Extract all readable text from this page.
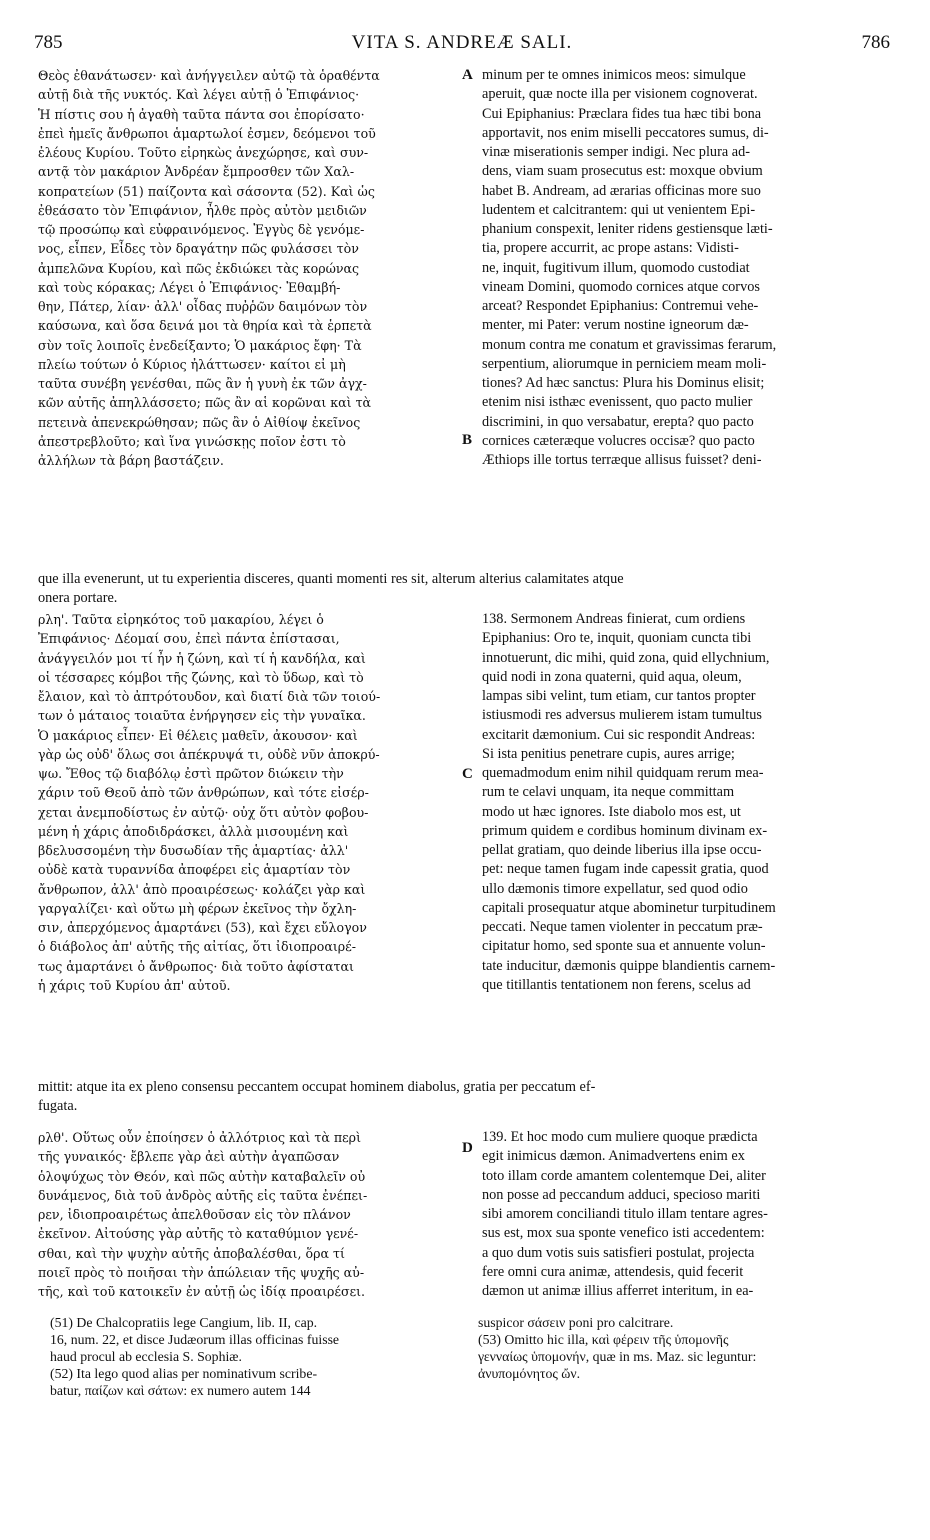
785	VITA S. ANDREÆ SALI.	786
Θεὸς ἐθανάτωσεν· καὶ ἀνήγγειλεν αὐτῷ τὰ ὁραθέντα
αὐτῇ διὰ τῆς νυκτός. Καὶ λέγει αὐτῇ ὁ Ἐπιφάνιος·
Ἡ πίστις σου ἡ ἀγαθὴ ταῦτα πάντα σοι ἐπορίσατο·
ἐπεὶ ἡμεῖς ἄνθρωποι ἁμαρτωλοί ἐσμεν, δεόμενοι τοῦ
ἐλέους Κυρίου. Τοῦτο εἰρηκὼς ἀνεχώρησε, καὶ συν-
αντᾷ τὸν μακάριον Ἀνδρέαν ἔμπροσθεν τῶν Χαλ-
κοπρατείων (51) παίζοντα καὶ σάσοντα (52). Καὶ ὡς
ἐθεάσατο τὸν Ἐπιφάνιον, ἦλθε πρὸς αὐτὸν μειδιῶν
τῷ προσώπῳ καὶ εὐφραινόμενος. Ἐγγὺς δὲ γενόμε-
νος, εἶπεν, Εἶδες τὸν δραγάτην πῶς φυλάσσει τὸν
ἀμπελῶνα Κυρίου, καὶ πῶς ἐκδιώκει τὰς κορώνας
καὶ τοὺς κόρακας; Λέγει ὁ Ἐπιφάνιος· Ἐθαμβή-
θην, Πάτερ, λίαν· ἀλλ' οἶδας πυῤῥῶν δαιμόνων τὸν
καύσωνα, καὶ ὅσα δεινά μοι τὰ θηρία καὶ τὰ ἑρπετὰ
σὺν τοῖς λοιποῖς ἐνεδείξαντο; Ὁ μακάριος ἔφη· Τὰ
πλείω τούτων ὁ Κύριος ἠλάττωσεν· καίτοι εἰ μὴ
ταῦτα συνέβη γενέσθαι, πῶς ἂν ἡ γυνὴ ἐκ τῶν ἀγχ-
κῶν αὐτῆς ἀπηλλάσσετο; πῶς ἂν αἱ κορῶναι καὶ τὰ
πετεινὰ ἀπενεκρώθησαν; πῶς ἂν ὁ Αἰθίοψ ἐκεῖνος
ἀπεστρεβλοῦτο; καὶ ἵνα γινώσκῃς ποῖον ἐστι τὸ
ἀλλήλων τὰ βάρη βαστάζειν.
minum per te omnes inimicos meos: simulque
aperuit, quæ nocte illa per visionem cognoverat.
Cui Epiphanius: Præclara fides tua hæc tibi bona
apportavit, nos enim miselli peccatores sumus, di-
vinæ miserationis semper indigi. Nec plura ad-
dens, viam suam prosecutus est: moxque obvium
habet B. Andream, ad ærarias officinas more suo
ludentem et calcitrantem: qui ut venientem Epi-
phanium conspexit, leniter ridens gestiensque læti-
tia, propere accurrit, ac prope astans: Vidisti-
ne, inquit, fugitivum illum, quomodo custodiat
vineam Domini, quomodo cornices atque corvos
arceat? Respondet Epiphanius: Contremui vehe-
menter, mi Pater: verum nostine igneorum dæ-
monum contra me conatum et gravissimas ferarum,
serpentium, aliorumque in perniciem meam moli-
tiones? Ad hæc sanctus: Plura his Dominus elisit;
etenim nisi isthæc evenissent, quo pacto mulier
discrimini, in quo versabatur, erepta? quo pacto
cornices cæteræque volucres occisæ? quo pacto
Æthiops ille tortus terræque allisus fuisset? deni-
que illa evenerunt, ut tu experientia disceres, quanti momenti res sit, alterum alterius calamitates atque
onera portare.
ρλη'. Ταῦτα εἰρηκότος τοῦ μακαρίου, λέγει ὁ
Ἐπιφάνιος· Δέομαί σου, ἐπεὶ πάντα ἐπίστασαι,
ἀνάγγειλόν μοι τί ἦν ἡ ζώνη, καὶ τί ἡ κανδήλα, καὶ
οἱ τέσσαρες κόμβοι τῆς ζώνης, καὶ τὸ ὕδωρ, καὶ τὸ
ἔλαιον, καὶ τὸ ἀπτρότουδον, καὶ διατί διὰ τῶν τοιού-
των ὁ μάταιος τοιαῦτα ἐνήργησεν εἰς τὴν γυναῖκα.
Ὁ μακάριος εἶπεν· Εἰ θέλεις μαθεῖν, ἀκουσον· καὶ
γὰρ ὡς οὐδ' ὅλως σοι ἀπέκρυψά τι, οὐδὲ νῦν ἀποκρύ-
ψω. Ἔθος τῷ διαβόλῳ ἐστὶ πρῶτον διώκειν τὴν
χάριν τοῦ Θεοῦ ἀπὸ τῶν ἀνθρώπων, καὶ τότε εἰσέρ-
χεται ἀνεμποδίστως ἐν αὐτῷ· οὐχ ὅτι αὐτὸν φοβου-
μένη ἡ χάρις ἀποδιδράσκει, ἀλλὰ μισουμένη καὶ
βδελυσσομένη τὴν δυσωδίαν τῆς ἁμαρτίας· ἀλλ'
οὐδὲ κατὰ τυραννίδα ἀποφέρει εἰς ἁμαρτίαν τὸν
ἄνθρωπον, ἀλλ' ἀπὸ προαιρέσεως· κολάζει γὰρ καὶ
γαργαλίζει· καὶ οὕτω μὴ φέρων ἐκεῖνος τὴν ὄχλη-
σιν, ἀπερχόμενος ἁμαρτάνει (53), καὶ ἔχει εὔλογον
ὁ διάβολος ἀπ' αὐτῆς τῆς αἰτίας, ὅτι ἰδιοπροαιρέ-
τως ἁμαρτάνει ὁ ἄνθρωπος· διὰ τοῦτο ἀφίσταται
ἡ χάρις τοῦ Κυρίου ἀπ' αὐτοῦ.
138. Sermonem Andreas finierat, cum ordiens
Epiphanius: Oro te, inquit, quoniam cuncta tibi
innotuerunt, dic mihi, quid zona, quid ellychnium,
quid nodi in zona quaterni, quid aqua, oleum,
lampas sibi velint, tum etiam, cur tantos propter
istiusmodi res adversus mulierem istam tumultus
excitarit dæmonium. Cui sic respondit Andreas:
Si ista penitius penetrare cupis, aures arrige;
quemadmodum enim nihil quidquam rerum mea-
rum te celavi unquam, ita neque committam
modo ut hæc ignores. Iste diabolo mos est, ut
primum quidem e cordibus hominum divinam ex-
pellat gratiam, quo deinde liberius illa ipse occu-
pet: neque tamen fugam inde capessit gratia, quod
ullo dæmonis timore expellatur, sed quod odio
capitali prosequatur atque abominetur turpitudinem
peccati. Neque tamen violenter in peccatum præ-
cipitatur homo, sed sponte sua et annuente volun-
tate inducitur, dæmonis quippe blandientis carnem-
que titillantis tentationem non ferens, scelus ad
mittit: atque ita ex pleno consensu peccantem occupat hominem diabolus, gratia per peccatum ef-
fugata.
ρλθ'. Οὕτως οὖν ἐποίησεν ὁ ἀλλότριος καὶ τὰ περὶ
τῆς γυναικός· ἔβλεπε γὰρ ἀεὶ αὐτὴν ἀγαπῶσαν
ὁλοψύχως τὸν Θεόν, καὶ πῶς αὐτὴν καταβαλεῖν οὐ
δυνάμενος, διὰ τοῦ ἀνδρὸς αὐτῆς εἰς ταῦτα ἐνέπει-
ρεν, ἰδιοπροαιρέτως ἀπελθοῦσαν εἰς τὸν πλάνον
ἐκεῖνον. Αἰτούσης γὰρ αὐτῆς τὸ καταθύμιον γενέ-
σθαι, καὶ τὴν ψυχὴν αὐτῆς ἀποβαλέσθαι, ὅρα τί
ποιεῖ πρὸς τὸ ποιῆσαι τὴν ἀπώλειαν τῆς ψυχῆς αὐ-
τῆς, καὶ τοῦ κατοικεῖν ἐν αὐτῇ ὡς ἰδίᾳ προαιρέσει.
139. Et hoc modo cum muliere quoque prædicta
egit inimicus dæmon. Animadvertens enim ex
toto illam corde amantem colentemque Dei, aliter
non posse ad peccandum adduci, specioso mariti
sibi amorem conciliandi titulo illam tentare agres-
sus est, mox sua sponte venefico isti accedentem:
a quo dum votis suis satisfieri postulat, projecta
fere omni cura animæ, attendesis, quid fecerit
dæmon ut animæ illius afferret interitum, in ea-
A
B
C
D
(51) De Chalcopratiis lege Cangium, lib. II, cap.
16, num. 22, et disce Judæorum illas officinas fuisse
haud procul ab ecclesia S. Sophiæ.
(52) Ita lego quod alias per nominativum scribe-
batur, παίζων καὶ σάτων: ex numero autem 144
suspicor σάσειν poni pro calcitrare.
(53) Omitto hic illa, καὶ φέρειν τῆς ὑπομονῆς
γενναίως ὑπομονήν, quæ in ms. Maz. sic leguntur:
ἀνυπομόνητος ὤν.
